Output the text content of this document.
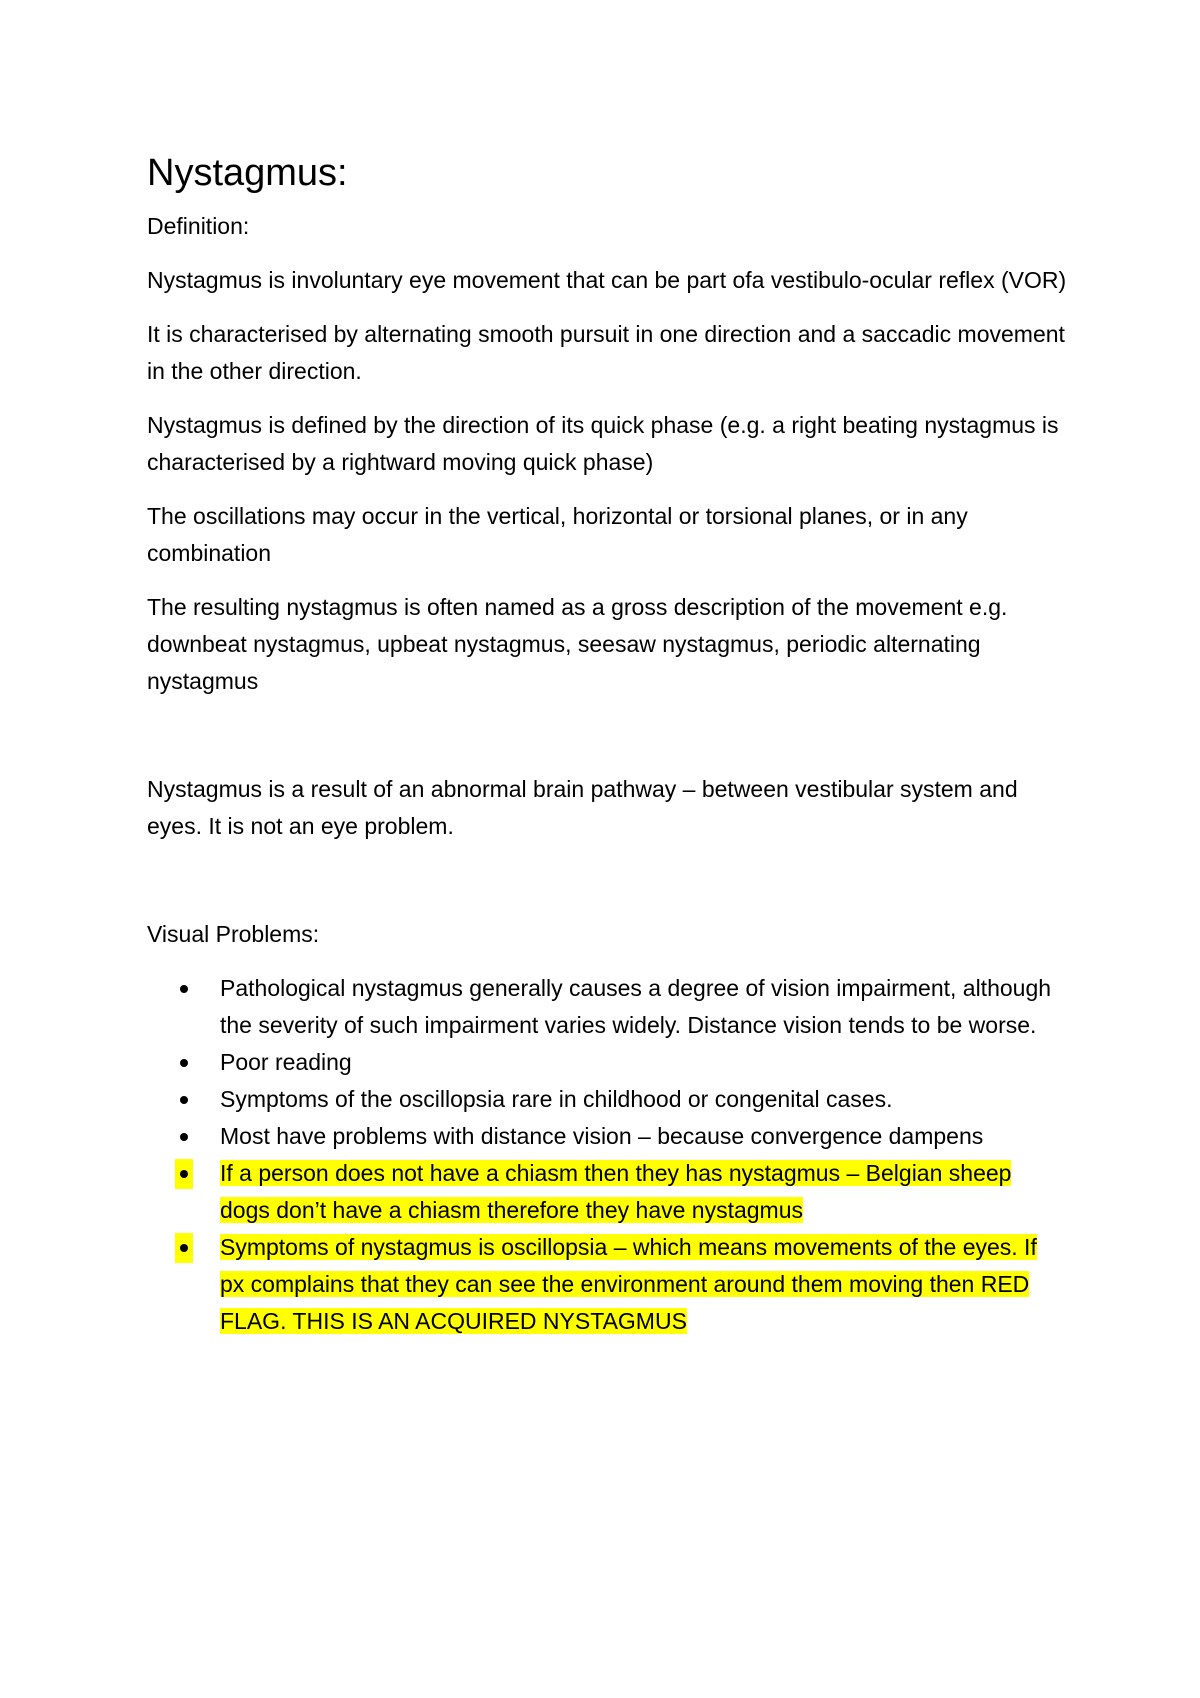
Nystagmus:

Definition:

Nystagmus is involuntary eye movement that can be part ofa vestibulo-ocular reflex (VOR)

It is characterised by alternating smooth pursuit in one direction and a saccadic movement in the other direction.

Nystagmus is defined by the direction of its quick phase (e.g. a right beating nystagmus is characterised by a rightward moving quick phase)

The oscillations may occur in the vertical, horizontal or torsional planes, or in any combination

The resulting nystagmus is often named as a gross description of the movement e.g. downbeat nystagmus, upbeat nystagmus, seesaw nystagmus, periodic alternating nystagmus

Nystagmus is a result of an abnormal brain pathway – between vestibular system and eyes. It is not an eye problem.

Visual Problems:

Pathological nystagmus generally causes a degree of vision impairment, although the severity of such impairment varies widely. Distance vision tends to be worse.
Poor reading
Symptoms of the oscillopsia rare in childhood or congenital cases.
Most have problems with distance vision – because convergence dampens
If a person does not have a chiasm then they has nystagmus – Belgian sheep dogs don’t have a chiasm therefore they have nystagmus
Symptoms of nystagmus is oscillopsia – which means movements of the eyes. If px complains that they can see the environment around them moving then RED FLAG. THIS IS AN ACQUIRED NYSTAGMUS
